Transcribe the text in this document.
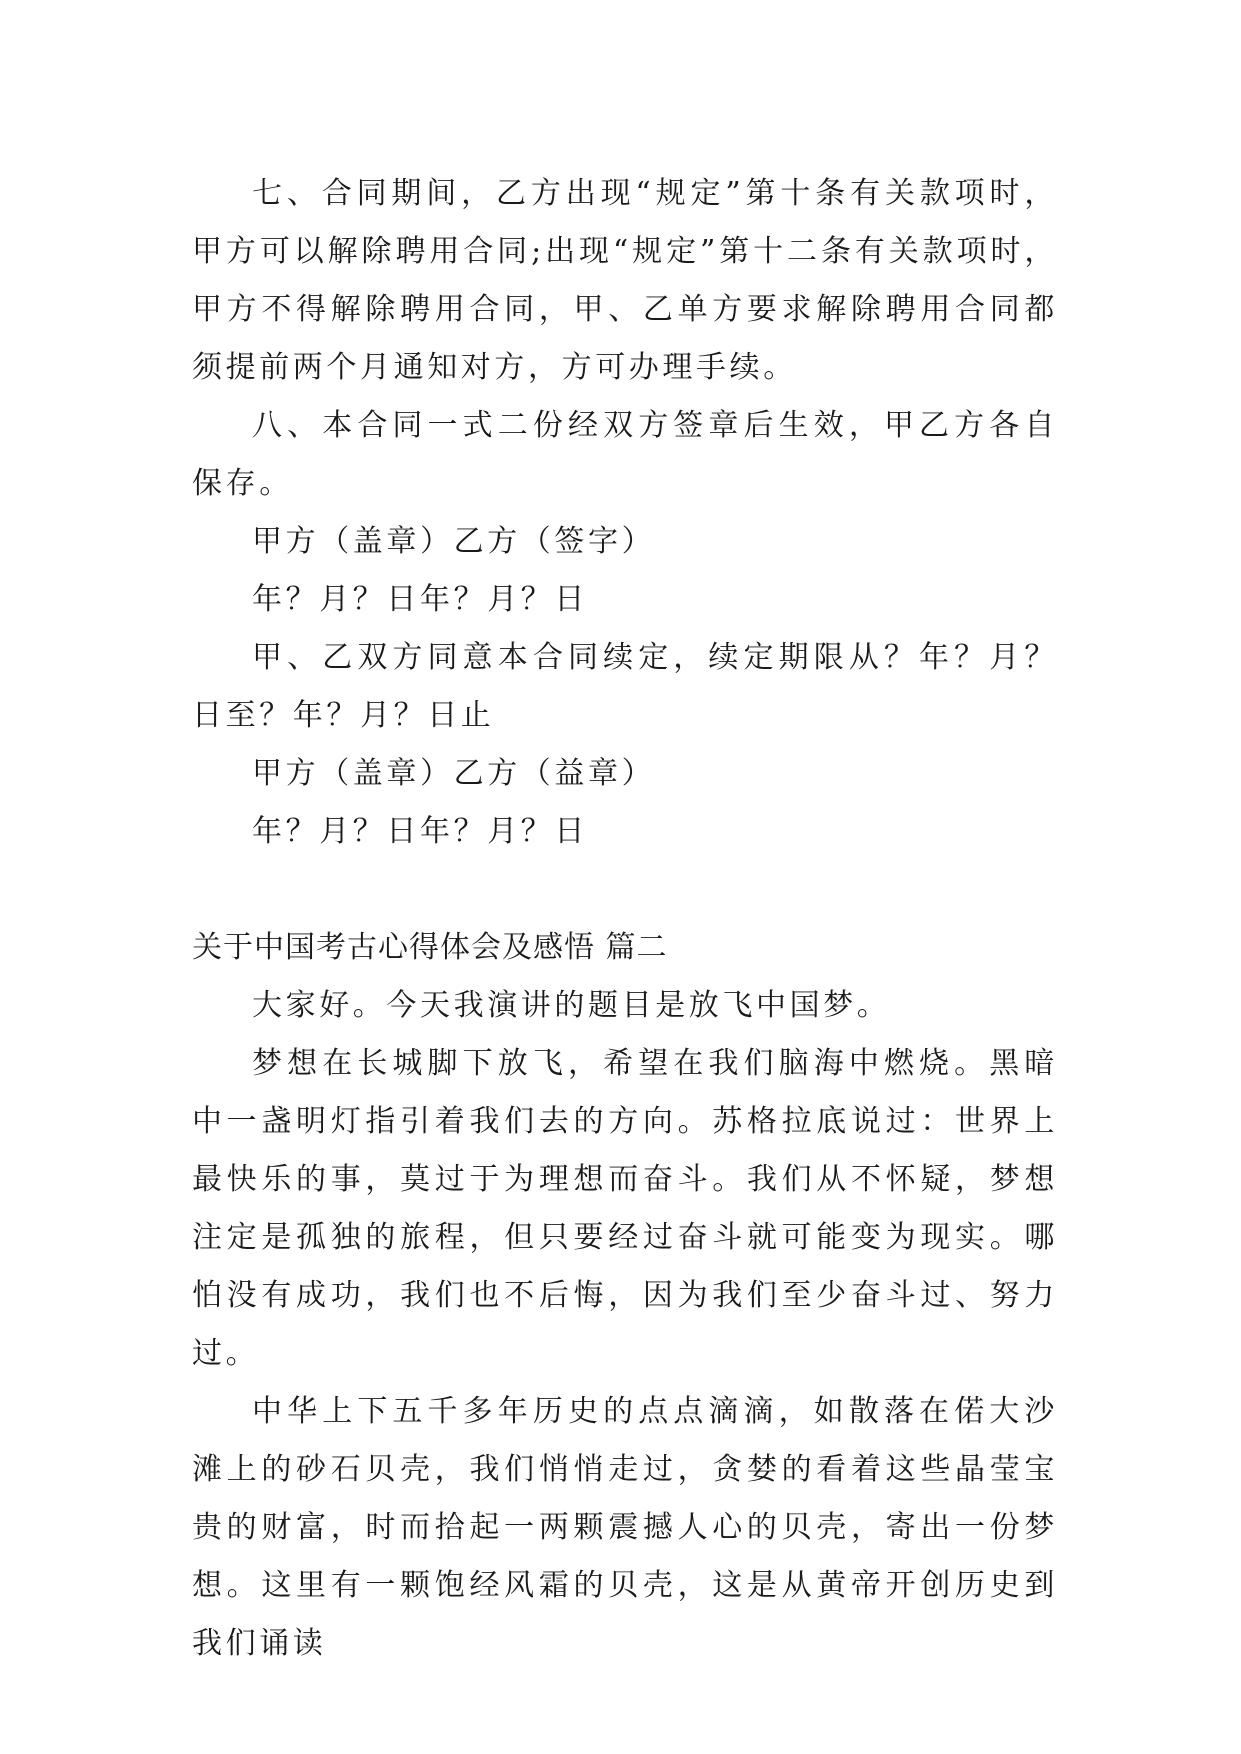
七、合同期间，乙方出现“规定”第十条有关款项时，甲方可以解除聘用合同;出现“规定”第十二条有关款项时，甲方不得解除聘用合同，甲、乙单方要求解除聘用合同都须提前两个月通知对方，方可办理手续。

八、本合同一式二份经双方签章后生效，甲乙方各自保存。

甲方（盖章）乙方（签字）

年？月？日年？月？日

甲、乙双方同意本合同续定，续定期限从？年？月？日至？年？月？日止

甲方（盖章）乙方（益章）

年？月？日年？月？日

关于中国考古心得体会及感悟 篇二

大家好。今天我演讲的题目是放飞中国梦。

梦想在长城脚下放飞，希望在我们脑海中燃烧。黑暗中一盏明灯指引着我们去的方向。苏格拉底说过：世界上最快乐的事，莫过于为理想而奋斗。我们从不怀疑，梦想注定是孤独的旅程，但只要经过奋斗就可能变为现实。哪怕没有成功，我们也不后悔，因为我们至少奋斗过、努力过。

中华上下五千多年历史的点点滴滴，如散落在偌大沙滩上的砂石贝壳，我们悄悄走过，贪婪的看着这些晶莹宝贵的财富，时而拾起一两颗震撼人心的贝壳，寄出一份梦想。这里有一颗饱经风霜的贝壳，这是从黄帝开创历史到我们诵读
